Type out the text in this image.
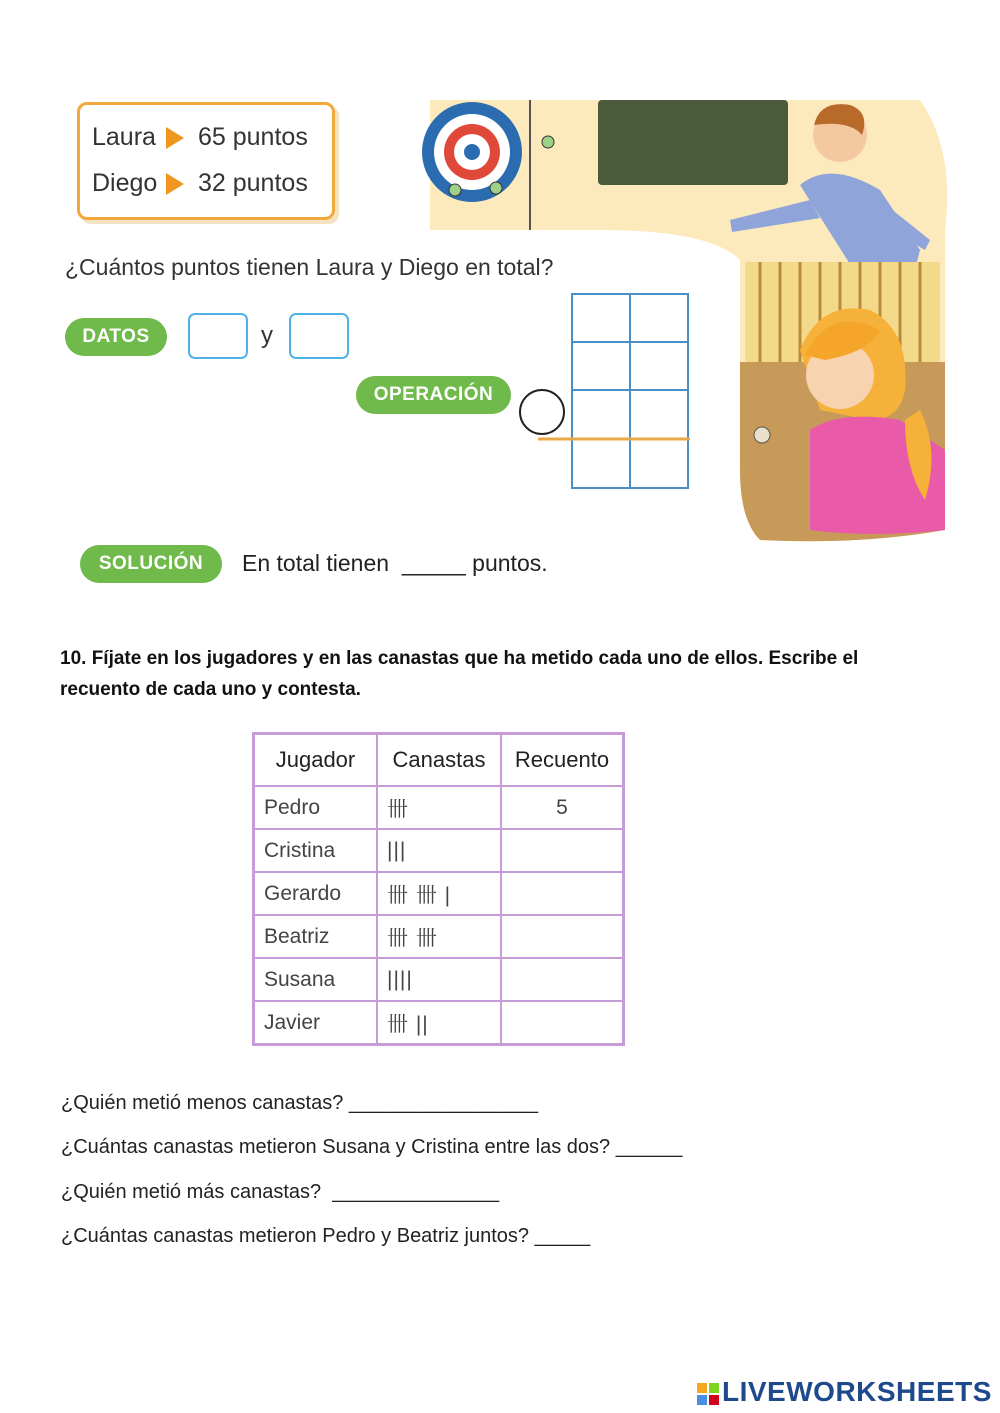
Laura	65 puntos
Diego	32 puntos
¿Cuántos puntos tienen Laura y Diego en total?
DATOS	y
OPERACIÓN
SOLUCIÓN	En total tienen  _____ puntos.
10. Fíjate en los jugadores y en las canastas que ha metido cada uno de ellos. Escribe el recuento de cada uno y contesta.
Jugador	Canastas	Recuento
Pedro	卌	5
Cristina	|||	
Gerardo	卌 卌 |	
Beatriz	卌 卌	
Susana	||||	
Javier	卌 ||	
¿Quién metió menos canastas? _________________
¿Cuántas canastas metieron Susana y Cristina entre las dos? ______
¿Quién metió más canastas?  _______________
¿Cuántas canastas metieron Pedro y Beatriz juntos? _____
LIVEWORKSHEETS
